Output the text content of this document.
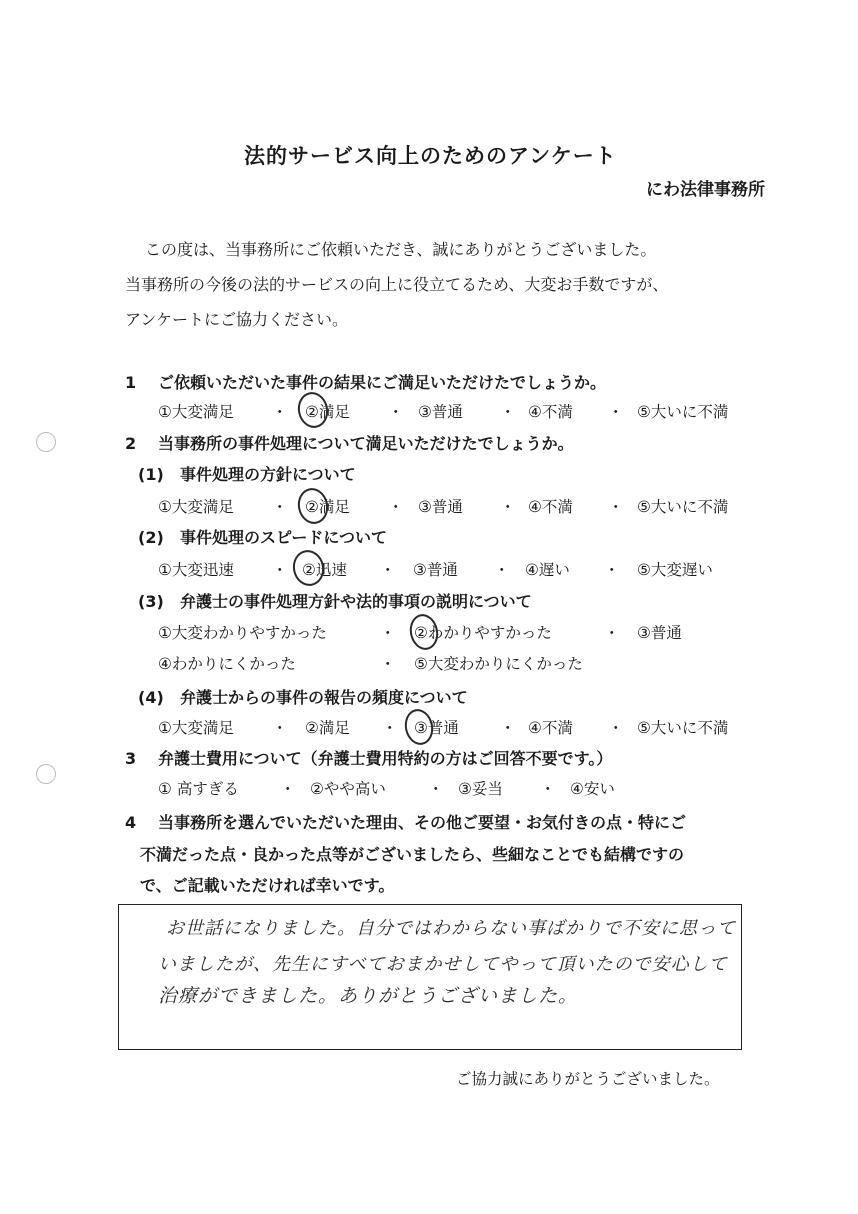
法的サービス向上のためのアンケート
にわ法律事務所
この度は、当事務所にご依頼いただき、誠にありがとうございました。
当事務所の今後の法的サービスの向上に役立てるため、大変お手数ですが、
アンケートにご協力ください。
1 ご依頼いただいた事件の結果にご満足いただけたでしょうか。
①大変満足 ・ ②満足 ・ ③普通 ・ ④不満 ・ ⑤大いに不満
2 当事務所の事件処理について満足いただけたでしょうか。
(1) 事件処理の方針について
①大変満足 ・ ②満足 ・ ③普通 ・ ④不満 ・ ⑤大いに不満
(2) 事件処理のスピードについて
①大変迅速 ・ ②迅速 ・ ③普通 ・ ④遅い ・ ⑤大変遅い
(3) 弁護士の事件処理方針や法的事項の説明について
①大変わかりやすかった	・ ②わかりやすかった	・ ③普通
④わかりにくかった	・ ⑤大変わかりにくかった
(4) 弁護士からの事件の報告の頻度について
①大変満足 ・ ②満足 ・ ③普通	・ ④不満 ・ ⑤大いに不満
3 弁護士費用について（弁護士費用特約の方はご回答不要です。）
① 高すぎる	・ ②やや高い	・ ③妥当 ・ ④安い
4 当事務所を選んでいただいた理由、その他ご要望・お気付きの点・特にご
不満だった点・良かった点等がございましたら、些細なことでも結構ですの
で、ご記載いただければ幸いです。
お世話になりました。自分ではわからない事ばかりで不安に思って
いましたが、先生にすべておまかせしてやって頂いたので安心して
治療ができました。ありがとうございました。
ご協力誠にありがとうございました。
